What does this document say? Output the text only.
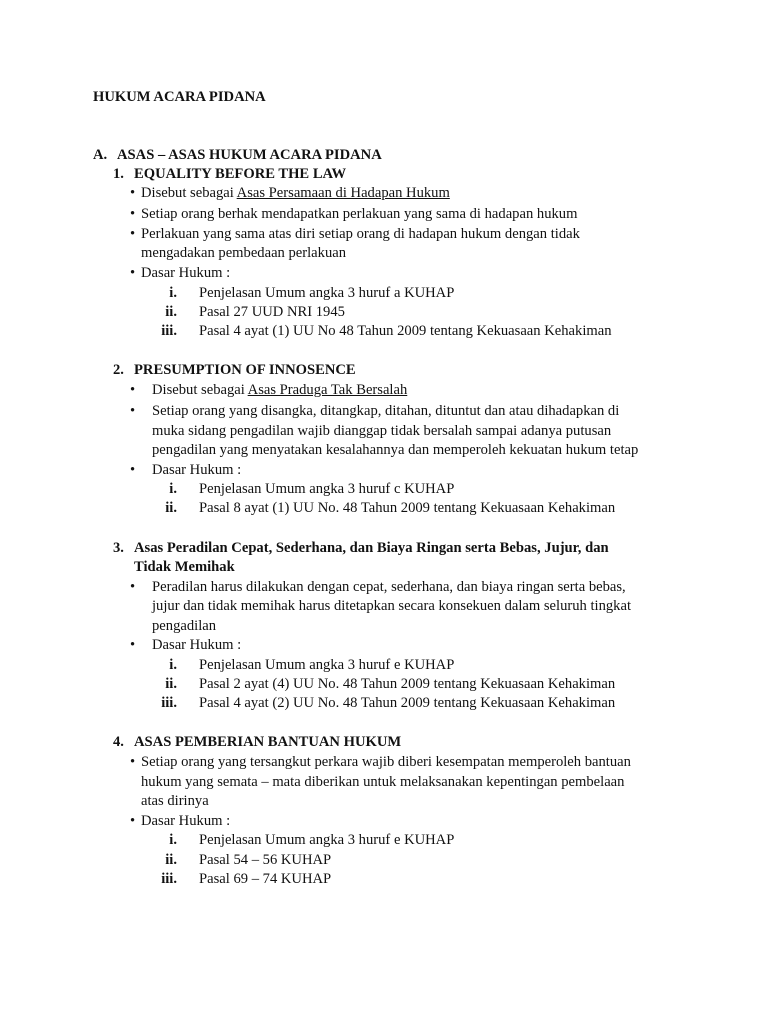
HUKUM ACARA PIDANA
A. ASAS – ASAS HUKUM ACARA PIDANA
1. EQUALITY BEFORE THE LAW
• Disebut sebagai Asas Persamaan di Hadapan Hukum
• Setiap orang berhak mendapatkan perlakuan yang sama di hadapan hukum
• Perlakuan yang sama atas diri setiap orang di hadapan hukum dengan tidak
mengadakan pembedaan perlakuan
• Dasar Hukum :
i. Penjelasan Umum angka 3 huruf a KUHAP
ii. Pasal 27 UUD NRI 1945
iii. Pasal 4 ayat (1) UU No 48 Tahun 2009 tentang Kekuasaan Kehakiman
2. PRESUMPTION OF INNOSENCE
• Disebut sebagai Asas Praduga Tak Bersalah
• Setiap orang yang disangka, ditangkap, ditahan, dituntut dan atau dihadapkan di
muka sidang pengadilan wajib dianggap tidak bersalah sampai adanya putusan
pengadilan yang menyatakan kesalahannya dan memperoleh kekuatan hukum tetap
• Dasar Hukum :
i. Penjelasan Umum angka 3 huruf c KUHAP
ii. Pasal 8 ayat (1) UU No. 48 Tahun 2009 tentang Kekuasaan Kehakiman
3. Asas Peradilan Cepat, Sederhana, dan Biaya Ringan serta Bebas, Jujur, dan
Tidak Memihak
• Peradilan harus dilakukan dengan cepat, sederhana, dan biaya ringan serta bebas,
jujur dan tidak memihak harus ditetapkan secara konsekuen dalam seluruh tingkat
pengadilan
• Dasar Hukum :
i. Penjelasan Umum angka 3 huruf e KUHAP
ii. Pasal 2 ayat (4) UU No. 48 Tahun 2009 tentang Kekuasaan Kehakiman
iii. Pasal 4 ayat (2) UU No. 48 Tahun 2009 tentang Kekuasaan Kehakiman
4. ASAS PEMBERIAN BANTUAN HUKUM
• Setiap orang yang tersangkut perkara wajib diberi kesempatan memperoleh bantuan
hukum yang semata – mata diberikan untuk melaksanakan kepentingan pembelaan
atas dirinya
• Dasar Hukum :
i. Penjelasan Umum angka 3 huruf e KUHAP
ii. Pasal 54 – 56 KUHAP
iii. Pasal 69 – 74 KUHAP
